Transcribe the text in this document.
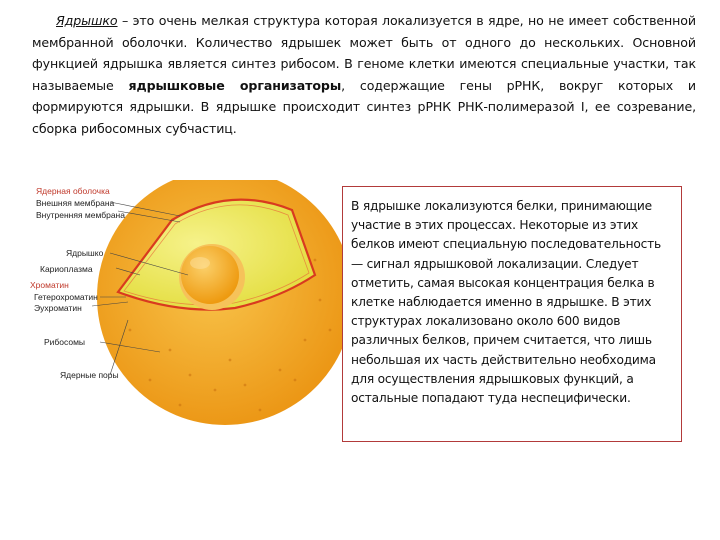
Ядрышко – это очень мелкая структура которая локализуется в ядре, но не имеет собственной мембранной оболочки. Количество ядрышек может быть от одного до нескольких. Основной функцией ядрышка является синтез рибосом. В геноме клетки имеются специальные участки, так называемые ядрышковые организаторы, содержащие гены рРНК, вокруг которых и формируются ядрышки. В ядрышке происходит синтез рРНК РНК-полимеразой I, ее созревание, сборка рибосомных субчастиц.

Ядерная оболочка
Внешняя мембрана
Внутренняя мембрана
Ядрышко
Кариоплазма
Хроматин
Гетерохроматин
Эухроматин
Рибосомы
Ядерные поры
В ядрышке локализуются белки, принимающие участие в этих процессах. Некоторые из этих белков имеют специальную последовательность — сигнал ядрышковой локализации. Следует отметить, самая высокая концентрация белка в клетке наблюдается именно в ядрышке. В этих структурах локализовано около 600 видов различных белков, причем считается, что лишь небольшая их часть действительно необходима для осуществления ядрышковых функций, а остальные попадают туда неспецифически.
